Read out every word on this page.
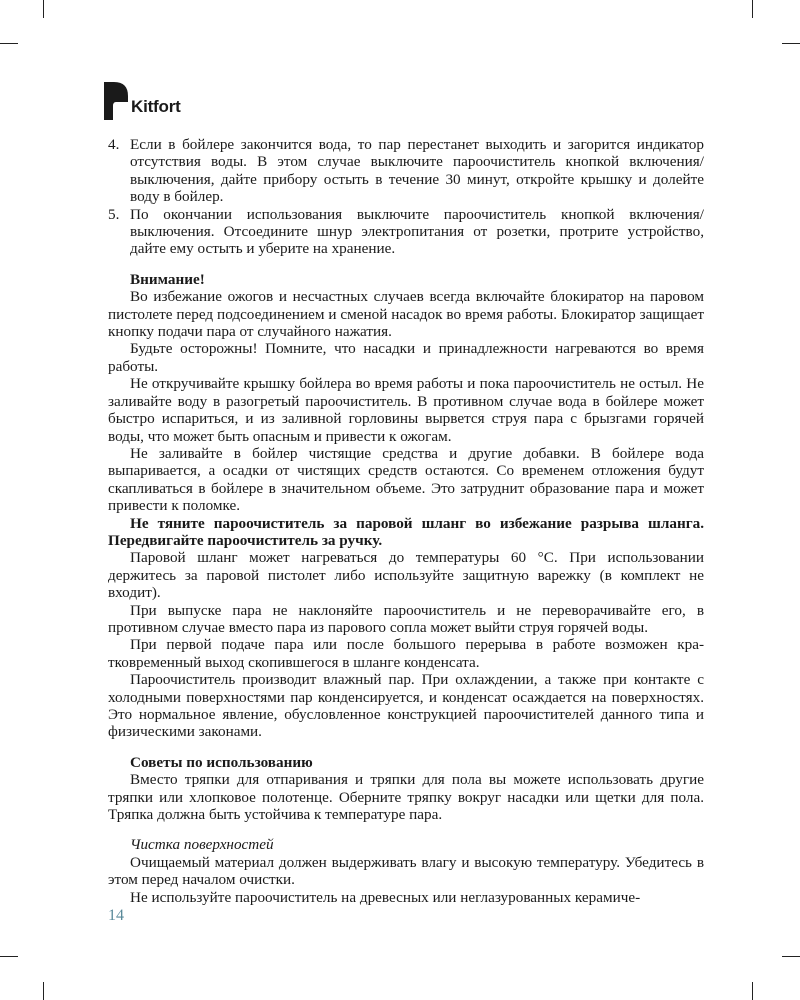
Kitfort
4. Если в бойлере закончится вода, то пар перестанет выходить и загорится индикатор отсутствия воды. В этом случае выключите пароочиститель кнопкой включения/выключения, дайте прибору остыть в течение 30 минут, откройте крышку и долейте воду в бойлер.
5. По окончании использования выключите пароочиститель кнопкой включения/ выключения. Отсоедините шнур электропитания от розетки, протрите устройство, дайте ему остыть и уберите на хранение.

Внимание!

Во избежание ожогов и несчастных случаев всегда включайте блокиратор на паровом пистолете перед подсоединением и сменой насадок во время работы. Блокиратор защищает кнопку подачи пара от случайного нажатия.

Будьте осторожны! Помните, что насадки и принадлежности нагреваются во время работы.

Не откручивайте крышку бойлера во время работы и пока пароочиститель не остыл. Не заливайте воду в разогретый пароочиститель. В противном случае вода в бойлере может быстро испариться, и из заливной горловины вырвется струя пара с брызгами горячей воды, что может быть опасным и привести к ожогам.

Не заливайте в бойлер чистящие средства и другие добавки. В бойлере вода выпаривается, а осадки от чистящих средств остаются. Со временем отложения будут скапливаться в бойлере в значительном объеме. Это затруднит образование пара и может привести к поломке.

Не тяните пароочиститель за паровой шланг во избежание разрыва шланга. Передвигайте пароочиститель за ручку.

Паровой шланг может нагреваться до температуры 60 °С. При использовании держитесь за паровой пистолет либо используйте защитную варежку (в комплект не входит).

При выпуске пара не наклоняйте пароочиститель и не переворачивайте его, в противном случае вместо пара из парового сопла может выйти струя горячей воды.

При первой подаче пара или после большого перерыва в работе возможен кратковременный выход скопившегося в шланге конденсата.

Пароочиститель производит влажный пар. При охлаждении, а также при контакте с холодными поверхностями пар конденсируется, и конденсат осаждается на поверхностях. Это нормальное явление, обусловленное конструкцией пароочистителей данного типа и физическими законами.

Советы по использованию

Вместо тряпки для отпаривания и тряпки для пола вы можете использовать другие тряпки или хлопковое полотенце. Оберните тряпку вокруг насадки или щетки для пола. Тряпка должна быть устойчива к температуре пара.

Чистка поверхностей

Очищаемый материал должен выдерживать влагу и высокую температуру. Убедитесь в этом перед началом очистки.

Не используйте пароочиститель на древесных или неглазурованных керамиче-

14
